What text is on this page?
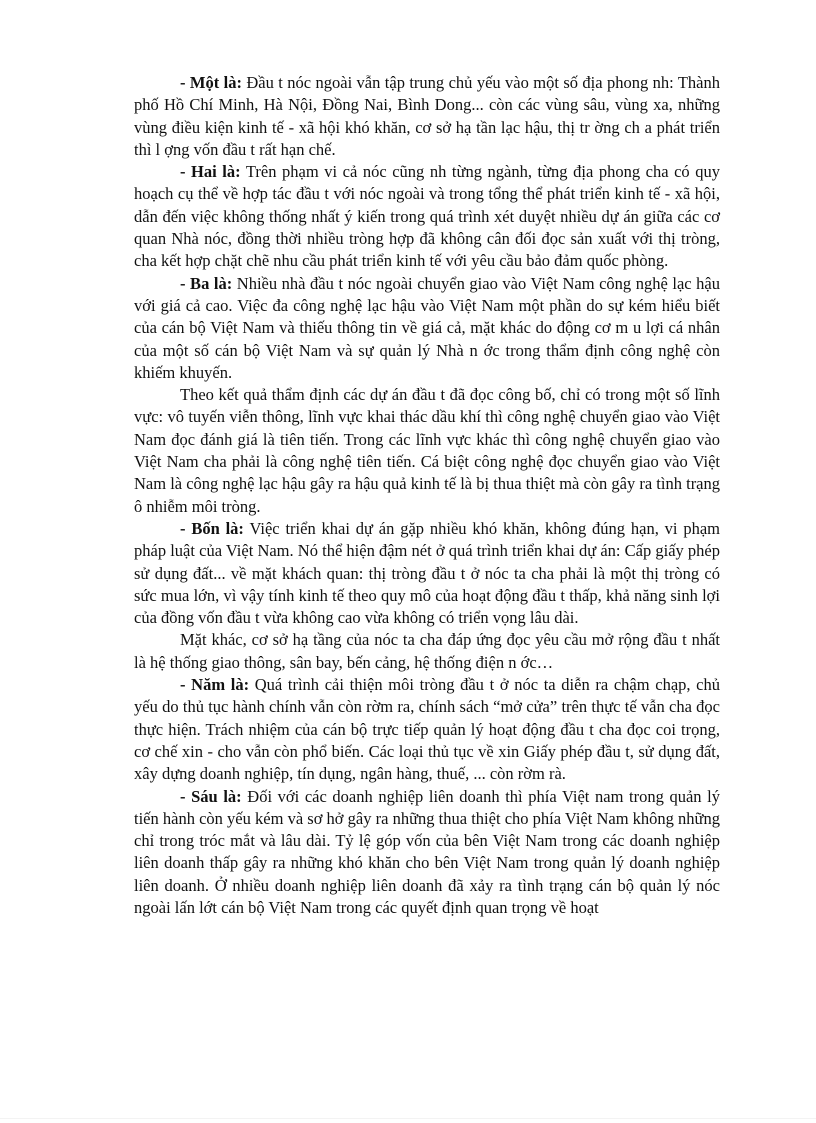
- Một là: Đầu t nóc ngoài vẫn tập trung chủ yếu vào một số địa phong nh: Thành phố Hồ Chí Minh, Hà Nội, Đồng Nai, Bình Dong... còn các vùng sâu, vùng xa, những vùng điều kiện kinh tế - xã hội khó khăn, cơ sở hạ tần lạc hậu, thị tr ờng ch a phát triển thì l ợng vốn đầu t rất hạn chế.

- Hai là: Trên phạm vi cả nóc cũng nh từng ngành, từng địa phong cha có quy hoạch cụ thể về hợp tác đầu t với nóc ngoài và trong tổng thể phát triển kinh tế - xã hội, dẫn đến việc không thống nhất ý kiến trong quá trình xét duyệt nhiều dự án giữa các cơ quan Nhà nóc, đồng thời nhiều tròng hợp đã không cân đối đọc sản xuất với thị tròng, cha kết hợp chặt chẽ nhu cầu phát triển kinh tế với yêu cầu bảo đảm quốc phòng.

- Ba là: Nhiều nhà đầu t nóc ngoài chuyển giao vào Việt Nam công nghệ lạc hậu với giá cả cao. Việc đa công nghệ lạc hậu vào Việt Nam một phần do sự kém hiểu biết của cán bộ Việt Nam và thiếu thông tin về giá cả, mặt khác do động cơ m u lợi cá nhân của một số cán bộ Việt Nam và sự quản lý Nhà n ớc trong thẩm định công nghệ còn khiếm khuyến.

Theo kết quả thẩm định các dự án đầu t đã đọc công bố, chỉ có trong một số lĩnh vực: vô tuyến viễn thông, lĩnh vực khai thác dầu khí thì công nghệ chuyển giao vào Việt Nam đọc đánh giá là tiên tiến. Trong các lĩnh vực khác thì công nghệ chuyển giao vào Việt Nam cha phải là công nghệ tiên tiến. Cá biệt công nghệ đọc chuyển giao vào Việt Nam là công nghệ lạc hậu gây ra hậu quả kinh tế là bị thua thiệt mà còn gây ra tình trạng ô nhiễm môi tròng.

- Bốn là: Việc triển khai dự án gặp nhiều khó khăn, không đúng hạn, vi phạm pháp luật của Việt Nam. Nó thể hiện đậm nét ở quá trình triển khai dự án: Cấp giấy phép sử dụng đất... về mặt khách quan: thị tròng đầu t ở nóc ta cha phải là một thị tròng có sức mua lớn, vì vậy tính kinh tế theo quy mô của hoạt động đầu t thấp, khả năng sinh lợi của đồng vốn đầu t vừa không cao vừa không có triển vọng lâu dài.

Mặt khác, cơ sở hạ tầng của nóc ta cha đáp ứng đọc yêu cầu mở rộng đầu t nhất là hệ thống giao thông, sân bay, bến cảng, hệ thống điện n ớc…

- Năm là: Quá trình cải thiện môi tròng đầu t ở nóc ta diễn ra chậm chạp, chủ yếu do thủ tục hành chính vẫn còn rờm ra, chính sách “mở cửa” trên thực tế vẫn cha đọc thực hiện. Trách nhiệm của cán bộ trực tiếp quản lý hoạt động đầu t cha đọc coi trọng, cơ chế xin - cho vẫn còn phổ biến. Các loại thủ tục về xin Giấy phép đầu t, sử dụng đất, xây dựng doanh nghiệp, tín dụng, ngân hàng, thuế, ... còn rờm rà.

- Sáu là: Đối với các doanh nghiệp liên doanh thì phía Việt nam trong quản lý tiến hành còn yếu kém và sơ hở gây ra những thua thiệt cho phía Việt Nam không những chỉ trong tróc mắt và lâu dài. Tỷ lệ góp vốn của bên Việt Nam trong các doanh nghiệp liên doanh thấp gây ra những khó khăn cho bên Việt Nam trong quản lý doanh nghiệp liên doanh. Ở nhiều doanh nghiệp liên doanh đã xảy ra tình trạng cán bộ quản lý nóc ngoài lấn lớt cán bộ Việt Nam trong các quyết định quan trọng về hoạt
